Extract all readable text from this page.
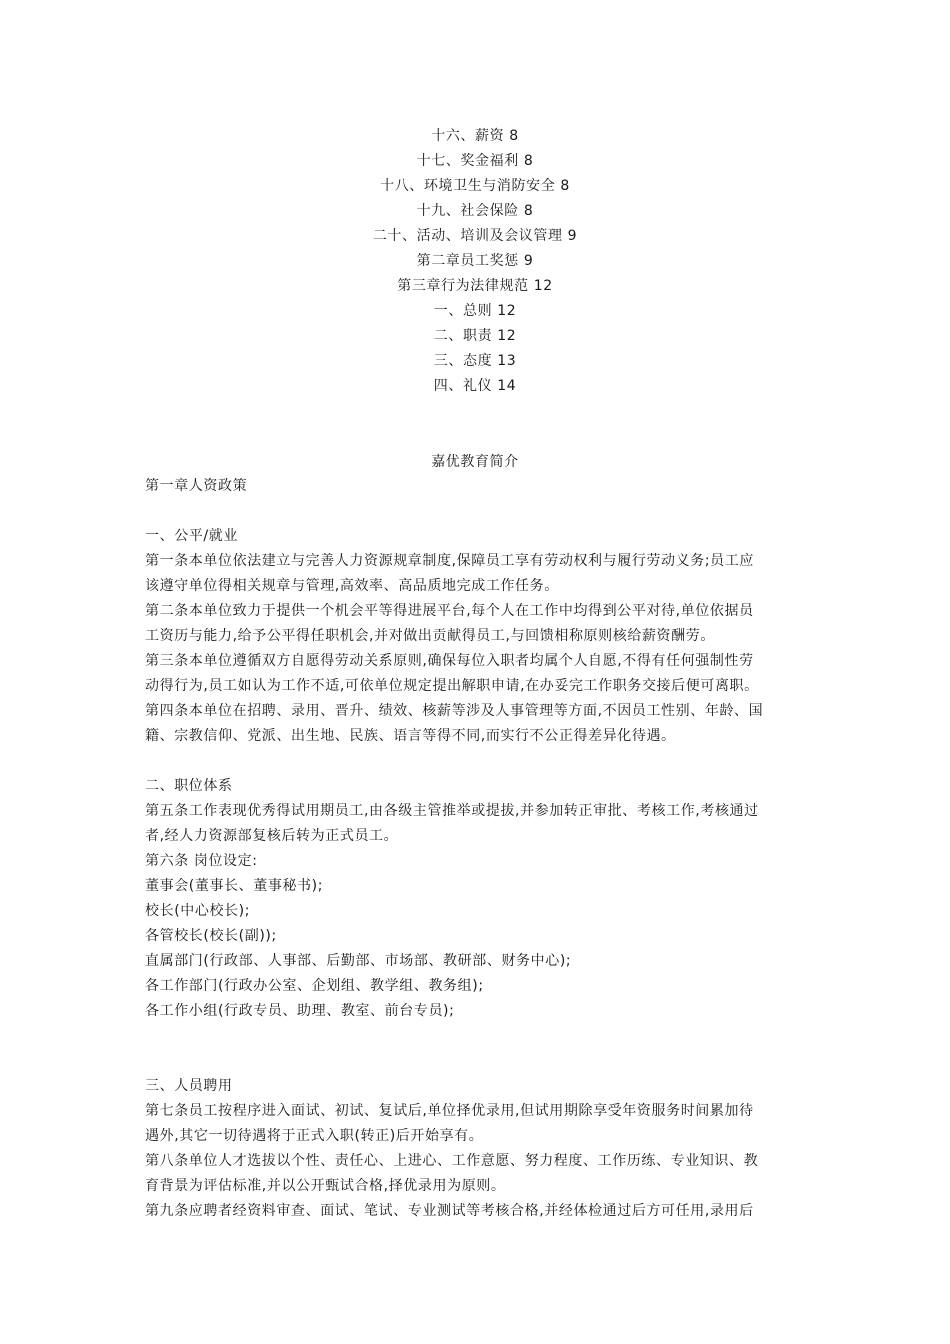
十六、薪资 8
十七、奖金福利 8
十八、环境卫生与消防安全 8
十九、社会保险 8
二十、活动、培训及会议管理 9
第二章员工奖惩 9
第三章行为法律规范 12
一、总则 12
二、职责 12
三、态度 13
四、礼仪 14
嘉优教育简介
第一章人资政策
一、公平/就业
第一条本单位依法建立与完善人力资源规章制度,保障员工享有劳动权利与履行劳动义务;员工应
该遵守单位得相关规章与管理,高效率、高品质地完成工作任务。
第二条本单位致力于提供一个机会平等得进展平台,每个人在工作中均得到公平对待,单位依据员
工资历与能力,给予公平得任职机会,并对做出贡献得员工,与回馈相称原则核给薪资酬劳。
第三条本单位遵循双方自愿得劳动关系原则,确保每位入职者均属个人自愿,不得有任何强制性劳
动得行为,员工如认为工作不适,可依单位规定提出解职申请,在办妥完工作职务交接后便可离职。
第四条本单位在招聘、录用、晋升、绩效、核薪等涉及人事管理等方面,不因员工性别、年龄、国
籍、宗教信仰、党派、出生地、民族、语言等得不同,而实行不公正得差异化待遇。
二、职位体系
第五条工作表现优秀得试用期员工,由各级主管推举或提拔,并参加转正审批、考核工作,考核通过
者,经人力资源部复核后转为正式员工。
第六条 岗位设定:
董事会(董事长、董事秘书);
校长(中心校长);
各管校长(校长(副));
直属部门(行政部、人事部、后勤部、市场部、教研部、财务中心);
各工作部门(行政办公室、企划组、教学组、教务组);
各工作小组(行政专员、助理、教室、前台专员);
三、人员聘用
第七条员工按程序进入面试、初试、复试后,单位择优录用,但试用期除享受年资服务时间累加待
遇外,其它一切待遇将于正式入职(转正)后开始享有。
第八条单位人才选拔以个性、责任心、上进心、工作意愿、努力程度、工作历练、专业知识、教
育背景为评估标准,并以公开甄试合格,择优录用为原则。
第九条应聘者经资料审查、面试、笔试、专业测试等考核合格,并经体检通过后方可任用,录用后
